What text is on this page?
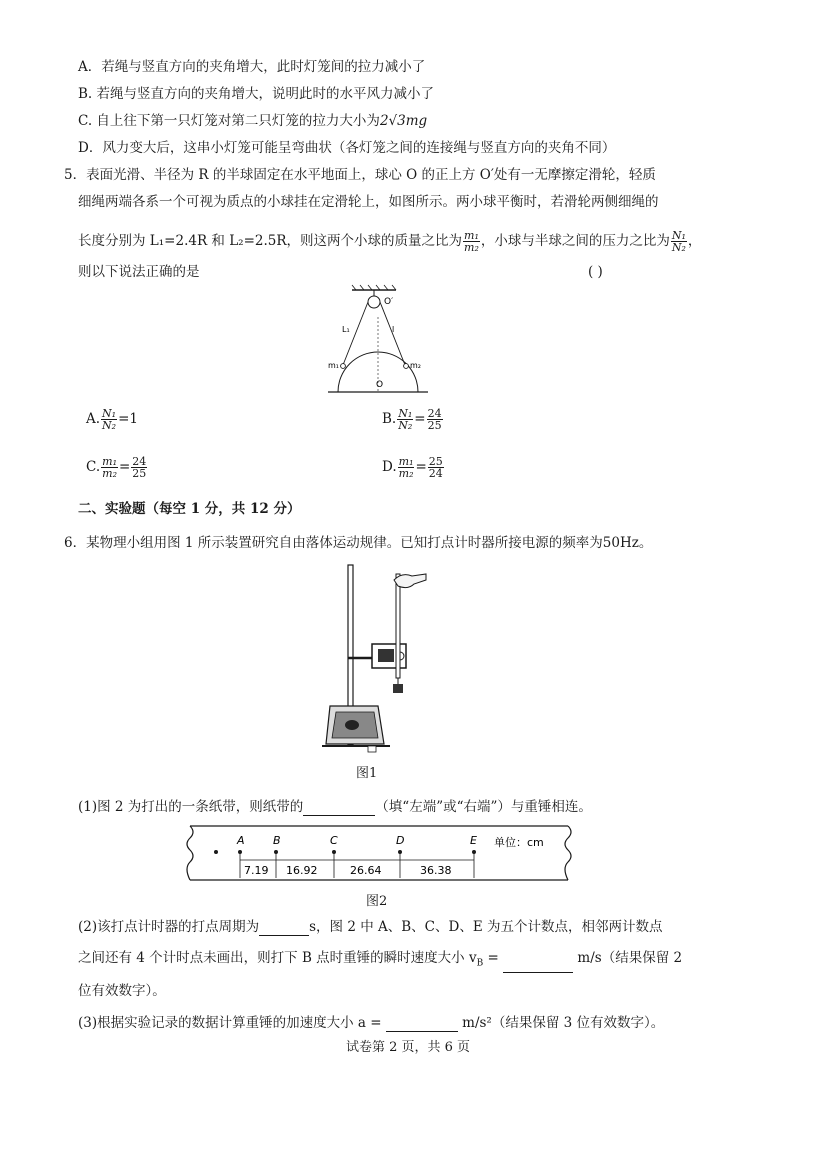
A．若绳与竖直方向的夹角增大，此时灯笼间的拉力减小了
B. 若绳与竖直方向的夹角增大，说明此时的水平风力减小了
C. 自上往下第一只灯笼对第二只灯笼的拉力大小为2√3mg
D．风力变大后，这串小灯笼可能呈弯曲状（各灯笼之间的连接绳与竖直方向的夹角不同）
5．表面光滑、半径为 R 的半球固定在水平地面上，球心 O 的正上方 O′处有一无摩擦定滑轮，轻质
细绳两端各系一个可视为质点的小球挂在定滑轮上，如图所示。两小球平衡时，若滑轮两侧细绳的
长度分别为 L₁=2.4R 和 L₂=2.5R，则这两个小球的质量之比为 $\frac{\text{m₁}}{\text{m₂}}$ ，小球与半球之间的压力之比为 $\frac{\text{N₁}}{\text{N₂}}$ ，
则以下说法正确的是	( )
O′
O
L₁	l
m₁	m₂
A. $\frac{\text{N₁}}{\text{N₂}} =1$	B. $\frac{\text{N₁}}{\text{N₂}} = \frac{24}{25}$
C. $\frac{\text{m₁}}{\text{m₂}} = \frac{24}{25}$	D. $\frac{\text{m₁}}{\text{m₂}} = \frac{25}{24}$
二、实验题（每空 1 分，共 12 分）
6．某物理小组用图 1 所示装置研究自由落体运动规律。已知打点计时器所接电源的频率为50Hz。
图1
(1)图 2 为打出的一条纸带，则纸带的	（填“左端”或“右端”）与重锤相连。
A	B	C	D	E
7.19 16.92	26.64	36.38
单位：cm
图2
(2)该打点计时器的打点周期为	s，图 2 中 A、B、C、D、E 为五个计数点，相邻两计数点
之间还有 4 个计时点未画出，则打下 B 点时重锤的瞬时速度大小 $v_B$ =	m/s（结果保留 2
位有效数字）。
(3)根据实验记录的数据计算重锤的加速度大小 a =	m/s²（结果保留 3 位有效数字）。
试卷第 2 页，共 6 页
